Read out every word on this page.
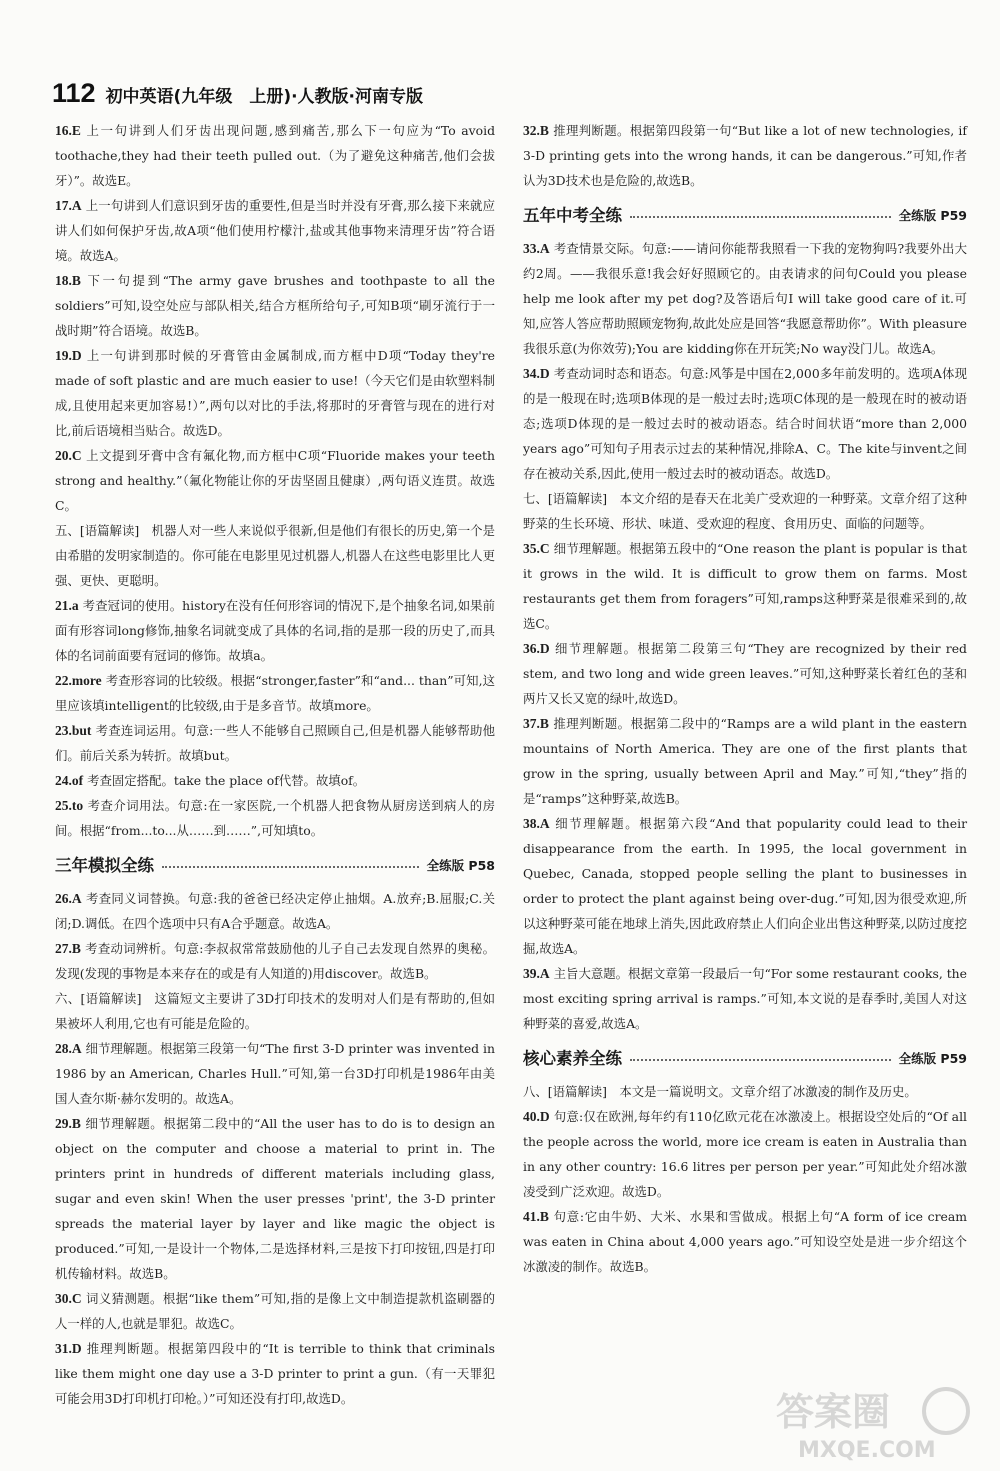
112 初中英语(九年级　上册)·人教版·河南专版

16.E 上一句讲到人们牙齿出现问题,感到痛苦,那么下一句应为“To avoid toothache,they had their teeth pulled out.（为了避免这种痛苦,他们会拔牙）”。故选E。

17.A 上一句讲到人们意识到牙齿的重要性,但是当时并没有牙膏,那么接下来就应讲人们如何保护牙齿,故A项“他们使用柠檬汁,盐或其他事物来清理牙齿”符合语境。故选A。

18.B 下一句提到“The army gave brushes and toothpaste to all the soldiers”可知,设空处应与部队相关,结合方框所给句子,可知B项“刷牙流行于一战时期”符合语境。故选B。

19.D 上一句讲到那时候的牙膏管由金属制成,而方框中D项“Today they're made of soft plastic and are much easier to use!（今天它们是由软塑料制成,且使用起来更加容易!）”,两句以对比的手法,将那时的牙膏管与现在的进行对比,前后语境相当贴合。故选D。

20.C 上文提到牙膏中含有氟化物,而方框中C项“Fluoride makes your teeth strong and healthy.”（氟化物能让你的牙齿坚固且健康）,两句语义连贯。故选C。

五、[语篇解读]　机器人对一些人来说似乎很新,但是他们有很长的历史,第一个是由希腊的发明家制造的。你可能在电影里见过机器人,机器人在这些电影里比人更强、更快、更聪明。

21.a 考查冠词的使用。history在没有任何形容词的情况下,是个抽象名词,如果前面有形容词long修饰,抽象名词就变成了具体的名词,指的是那一段的历史了,而具体的名词前面要有冠词的修饰。故填a。

22.more 考查形容词的比较级。根据“stronger,faster”和“and... than”可知,这里应该填intelligent的比较级,由于是多音节。故填more。

23.but 考查连词运用。句意:一些人不能够自己照顾自己,但是机器人能够帮助他们。前后关系为转折。故填but。

24.of 考查固定搭配。take the place of代替。故填of。

25.to 考查介词用法。句意:在一家医院,一个机器人把食物从厨房送到病人的房间。根据“from...to...从……到……”,可知填to。

三年模拟全练	全练版 P58

26.A 考查同义词替换。句意:我的爸爸已经决定停止抽烟。A.放弃;B.屈服;C.关闭;D.调低。在四个选项中只有A合乎题意。故选A。

27.B 考查动词辨析。句意:李叔叔常常鼓励他的儿子自己去发现自然界的奥秘。发现(发现的事物是本来存在的或是有人知道的)用discover。故选B。

六、[语篇解读]　这篇短文主要讲了3D打印技术的发明对人们是有帮助的,但如果被坏人利用,它也有可能是危险的。

28.A 细节理解题。根据第三段第一句“The first 3-D printer was invented in 1986 by an American, Charles Hull.”可知,第一台3D打印机是1986年由美国人查尔斯·赫尔发明的。故选A。

29.B 细节理解题。根据第二段中的“All the user has to do is to design an object on the computer and choose a material to print in. The printers print in hundreds of different materials including glass, sugar and even skin! When the user presses 'print', the 3-D printer spreads the material layer by layer and like magic the object is produced.”可知,一是设计一个物体,二是选择材料,三是按下打印按钮,四是打印机传输材料。故选B。

30.C 词义猜测题。根据“like them”可知,指的是像上文中制造提款机盗刷器的人一样的人,也就是罪犯。故选C。

31.D 推理判断题。根据第四段中的“It is terrible to think that criminals like them might one day use a 3-D printer to print a gun.（有一天罪犯可能会用3D打印机打印枪。）”可知还没有打印,故选D。

32.B 推理判断题。根据第四段第一句“But like a lot of new technologies, if 3-D printing gets into the wrong hands, it can be dangerous.”可知,作者认为3D技术也是危险的,故选B。

五年中考全练	全练版 P59

33.A 考查情景交际。句意:——请问你能帮我照看一下我的宠物狗吗?我要外出大约2周。——我很乐意!我会好好照顾它的。由表请求的问句Could you please help me look after my pet dog?及答语后句I will take good care of it.可知,应答人答应帮助照顾宠物狗,故此处应是回答“我愿意帮助你”。With pleasure我很乐意(为你效劳);You are kidding你在开玩笑;No way没门儿。故选A。

34.D 考查动词时态和语态。句意:风筝是中国在2,000多年前发明的。选项A体现的是一般现在时;选项B体现的是一般过去时;选项C体现的是一般现在时的被动语态;选项D体现的是一般过去时的被动语态。结合时间状语“more than 2,000 years ago”可知句子用表示过去的某种情况,排除A、C。The kite与invent之间存在被动关系,因此,使用一般过去时的被动语态。故选D。

七、[语篇解读]　本文介绍的是春天在北美广受欢迎的一种野菜。文章介绍了这种野菜的生长环境、形状、味道、受欢迎的程度、食用历史、面临的问题等。

35.C 细节理解题。根据第五段中的“One reason the plant is popular is that it grows in the wild. It is difficult to grow them on farms. Most restaurants get them from foragers”可知,ramps这种野菜是很难采到的,故选C。

36.D 细节理解题。根据第二段第三句“They are recognized by their red stem, and two long and wide green leaves.”可知,这种野菜长着红色的茎和两片又长又宽的绿叶,故选D。

37.B 推理判断题。根据第二段中的“Ramps are a wild plant in the eastern mountains of North America. They are one of the first plants that grow in the spring, usually between April and May.”可知,“they”指的是“ramps”这种野菜,故选B。

38.A 细节理解题。根据第六段“And that popularity could lead to their disappearance from the earth. In 1995, the local government in Quebec, Canada, stopped people selling the plant to businesses in order to protect the plant against being over-dug.”可知,因为很受欢迎,所以这种野菜可能在地球上消失,因此政府禁止人们向企业出售这种野菜,以防过度挖掘,故选A。

39.A 主旨大意题。根据文章第一段最后一句“For some restaurant cooks, the most exciting spring arrival is ramps.”可知,本文说的是春季时,美国人对这种野菜的喜爱,故选A。

核心素养全练	全练版 P59

八、[语篇解读]　本文是一篇说明文。文章介绍了冰激凌的制作及历史。

40.D 句意:仅在欧洲,每年约有110亿欧元花在冰激凌上。根据设空处后的“Of all the people across the world, more ice cream is eaten in Australia than in any other country: 16.6 litres per person per year.”可知此处介绍冰激凌受到广泛欢迎。故选D。

41.B 句意:它由牛奶、大米、水果和雪做成。根据上句“A form of ice cream was eaten in China about 4,000 years ago.”可知设空处是进一步介绍这个冰激凌的制作。故选B。

答案圈
MXQE.COM
